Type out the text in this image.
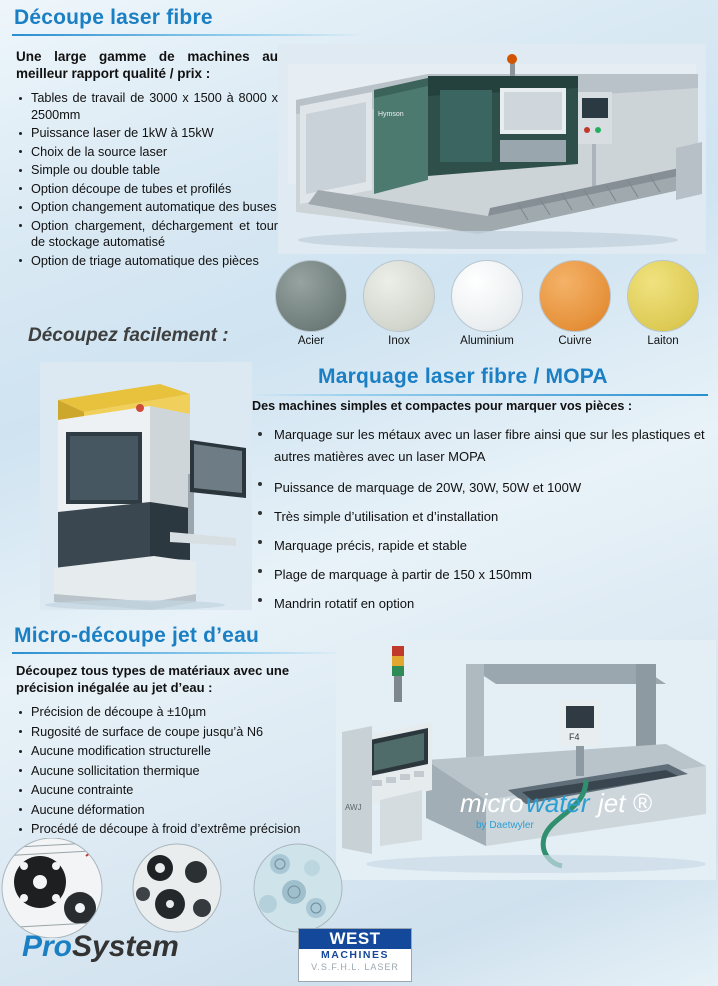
Découpe laser fibre
Une large gamme de machines au meilleur rapport qualité / prix :
Tables de travail de 3000 x 1500 à 8000 x 2500mm
Puissance laser de 1kW à 15kW
Choix de la source laser
Simple ou double table
Option découpe de tubes et profilés
Option changement automatique des buses
Option chargement, déchargement et tour de stockage automatisé
Option de triage automatique des pièces
Hymson
Acier	Inox	Aluminium	Cuivre	Laiton
Découpez facilement :
Marquage laser fibre / MOPA
Des machines simples et compactes pour marquer vos pièces :
Marquage sur les métaux avec un laser fibre ainsi que sur les plastiques et autres matières avec un laser MOPA
Puissance de marquage de 20W, 30W, 50W et 100W
Très simple d’utilisation et d’installation
Marquage précis, rapide et stable
Plage de marquage à partir de 150 x 150mm
Mandrin rotatif en option
Micro-découpe jet d’eau
Découpez tous types de matériaux avec une précision inégalée au jet d’eau :
Précision de découpe à ±10µm
Rugosité de surface de coupe jusqu’à N6
Aucune modification structurelle
Aucune sollicitation thermique
Aucune contrainte
Aucune déformation
Procédé de découpe à froid d’extrême précision
F4
AWJ	micro water jet ®
by Daetwyler
ProSystem	WEST
MACHINES
V.S.F.H.L. LASER
